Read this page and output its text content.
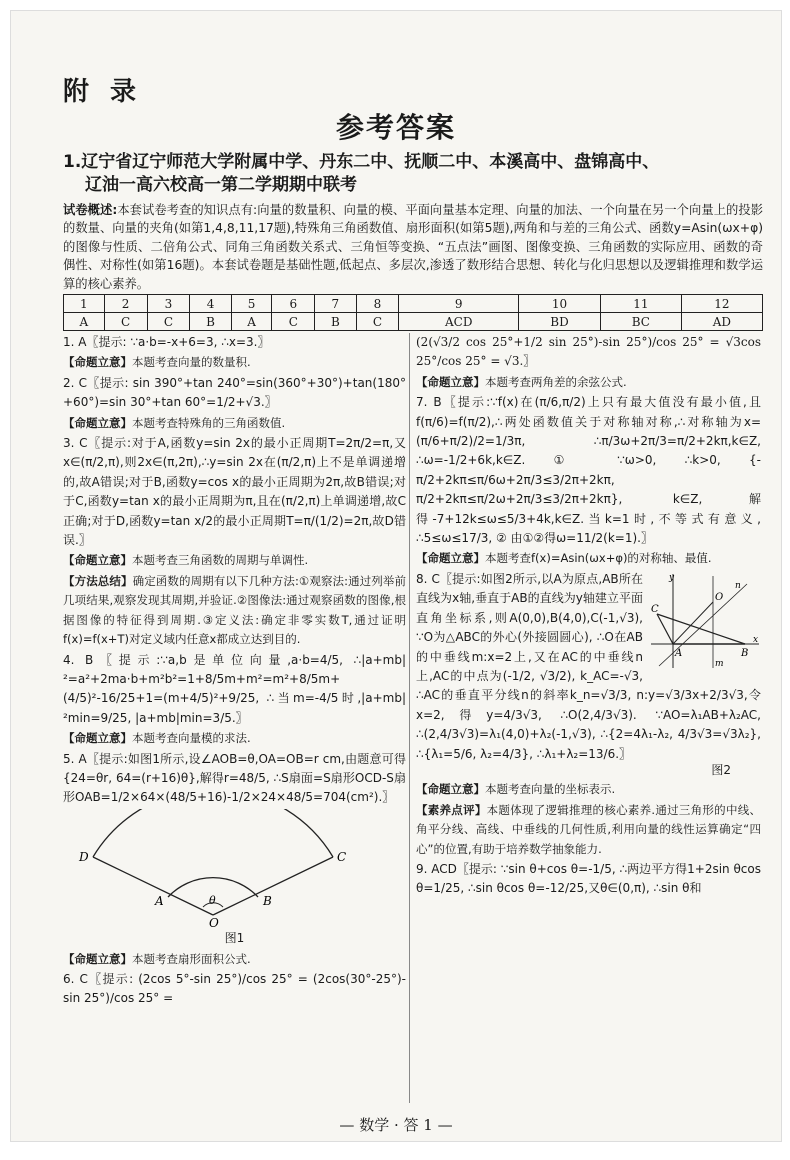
附 录
参考答案
1.辽宁省辽宁师范大学附属中学、丹东二中、抚顺二中、本溪高中、盘锦高中、
辽油一高六校高一第二学期期中联考
试卷概述:本套试卷考查的知识点有:向量的数量积、向量的模、平面向量基本定理、向量的加法、一个向量在另一个向量上的投影的数量、向量的夹角(如第1,4,8,11,17题),特殊角三角函数值、扇形面积(如第5题),两角和与差的三角公式、函数y=Asin(ωx+φ)的图像与性质、二倍角公式、同角三角函数关系式、三角恒等变换、“五点法”画图、图像变换、三角函数的实际应用、函数的奇偶性、对称性(如第16题)。本套试卷题是基础性题,低起点、多层次,渗透了数形结合思想、转化与化归思想以及逻辑推理和数学运算的核心素养。
1	2	3	4	5	6	7	8	9	10	11	12
A	C	C	B	A	C	B	C	ACD	BD	BC	AD

1. A〖提示: ∵a·b=-x+6=3, ∴x=3.〗

【命题立意】本题考查向量的数量积.

2. C〖提示: sin 390°+tan 240°=sin(360°+30°)+tan(180°+60°)=sin 30°+tan 60°=1/2+√3.〗

【命题立意】本题考查特殊角的三角函数值.

3. C〖提示:对于A,函数y=sin 2x的最小正周期T=2π/2=π,又x∈(π/2,π),则2x∈(π,2π),∴y=sin 2x在(π/2,π)上不是单调递增的,故A错误;对于B,函数y=cos x的最小正周期为2π,故B错误;对于C,函数y=tan x的最小正周期为π,且在(π/2,π)上单调递增,故C正确;对于D,函数y=tan x/2的最小正周期T=π/(1/2)=2π,故D错误.〗

【命题立意】本题考查三角函数的周期与单调性.

【方法总结】确定函数的周期有以下几种方法:①观察法:通过列举前几项结果,观察发现其周期,并验证.②图像法:通过观察函数的图像,根据图像的特征得到周期.③定义法:确定非零实数T,通过证明f(x)=f(x+T)对定义域内任意x都成立达到目的.

4. B〖提示:∵a,b是单位向量,a·b=4/5, ∴|a+mb|²=a²+2ma·b+m²b²=1+8/5m+m²=m²+8/5m+(4/5)²-16/25+1=(m+4/5)²+9/25, ∴当m=-4/5时,|a+mb|²min=9/25, |a+mb|min=3/5.〗

【命题立意】本题考查向量模的求法.

5. A〖提示:如图1所示,设∠AOB=θ,OA=OB=r cm,由题意可得{24=θr, 64=(r+16)θ},解得r=48/5, ∴S扇面=S扇形OCD-S扇形OAB=1/2×64×(48/5+16)-1/2×24×48/5=704(cm²).〗

D	C
A	B
O
θ

图1

【命题立意】本题考查扇形面积公式.

6. C〖提示: (2cos 5°-sin 25°)/cos 25° = (2cos(30°-25°)-sin 25°)/cos 25° =

(2(√3/2 cos 25°+1/2 sin 25°)-sin 25°)/cos 25° = √3cos 25°/cos 25° = √3.〗

【命题立意】本题考查两角差的余弦公式.

7. B〖提示:∵f(x)在(π/6,π/2)上只有最大值没有最小值,且f(π/6)=f(π/2),∴两处函数值关于对称轴对称,∴对称轴为x=(π/6+π/2)/2=1/3π, ∴π/3ω+2π/3=π/2+2kπ,k∈Z, ∴ω=-1/2+6k,k∈Z. ① ∵ω>0, ∴k>0, {-π/2+2kπ≤π/6ω+2π/3≤3/2π+2kπ, π/2+2kπ≤π/2ω+2π/3≤3/2π+2kπ}, k∈Z,解得-7+12k≤ω≤5/3+4k,k∈Z.当k=1时,不等式有意义, ∴5≤ω≤17/3, ② 由①②得ω=11/2(k=1).〗

【命题立意】本题考查f(x)=Asin(ωx+φ)的对称轴、最值.

y
x
C
A	B
O
n
m

8. C〖提示:如图2所示,以A为原点,AB所在直线为x轴,垂直于AB的直线为y轴建立平面直角坐标系,则A(0,0),B(4,0),C(-1,√3), ∵O为△ABC的外心(外接圆圆心), ∴O在AB的中垂线m:x=2上,又在AC的中垂线n上,AC的中点为(-1/2, √3/2), k_AC=-√3, ∴AC的垂直平分线n的斜率k_n=√3/3, n:y=√3/3x+2/3√3,令x=2,得y=4/3√3, ∴O(2,4/3√3). ∵AO=λ₁AB+λ₂AC, ∴(2,4/3√3)=λ₁(4,0)+λ₂(-1,√3), ∴{2=4λ₁-λ₂, 4/3√3=√3λ₂}, ∴{λ₁=5/6, λ₂=4/3}, ∴λ₁+λ₂=13/6.〗

图2

【命题立意】本题考查向量的坐标表示.

【素养点评】本题体现了逻辑推理的核心素养.通过三角形的中线、角平分线、高线、中垂线的几何性质,利用向量的线性运算确定“四心”的位置,有助于培养数学抽象能力.

9. ACD〖提示: ∵sin θ+cos θ=-1/5, ∴两边平方得1+2sin θcos θ=1/25, ∴sin θcos θ=-12/25,又θ∈(0,π), ∴sin θ和

— 数学 · 答 1 —
